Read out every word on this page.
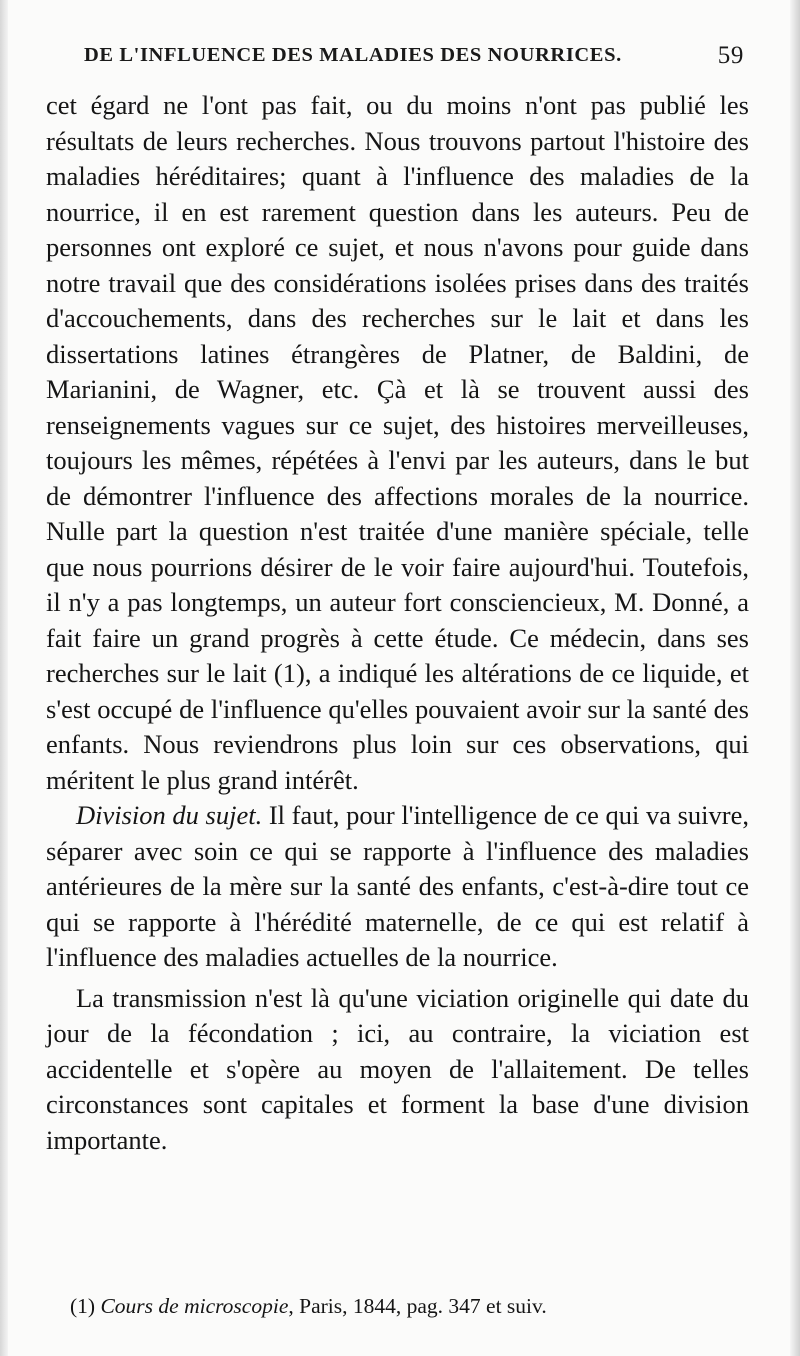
DE L'INFLUENCE DES MALADIES DES NOURRICES.	59

cet égard ne l'ont pas fait, ou du moins n'ont pas publié les résultats de leurs recherches. Nous trouvons partout l'histoire des maladies héréditaires; quant à l'influence des maladies de la nourrice, il en est rarement question dans les auteurs. Peu de personnes ont exploré ce sujet, et nous n'avons pour guide dans notre travail que des considérations isolées prises dans des traités d'accouchements, dans des recherches sur le lait et dans les dissertations latines étrangères de Platner, de Baldini, de Marianini, de Wagner, etc. Çà et là se trouvent aussi des renseignements vagues sur ce sujet, des histoires merveilleuses, toujours les mêmes, répétées à l'envi par les auteurs, dans le but de démontrer l'influence des affections morales de la nourrice. Nulle part la question n'est traitée d'une manière spéciale, telle que nous pourrions désirer de le voir faire aujourd'hui. Toutefois, il n'y a pas longtemps, un auteur fort consciencieux, M. Donné, a fait faire un grand progrès à cette étude. Ce médecin, dans ses recherches sur le lait (1), a indiqué les altérations de ce liquide, et s'est occupé de l'influence qu'elles pouvaient avoir sur la santé des enfants. Nous reviendrons plus loin sur ces observations, qui méritent le plus grand intérêt.

Division du sujet. Il faut, pour l'intelligence de ce qui va suivre, séparer avec soin ce qui se rapporte à l'influence des maladies antérieures de la mère sur la santé des enfants, c'est-à-dire tout ce qui se rapporte à l'hérédité maternelle, de ce qui est relatif à l'influence des maladies actuelles de la nourrice.

La transmission n'est là qu'une viciation originelle qui date du jour de la fécondation ; ici, au contraire, la viciation est accidentelle et s'opère au moyen de l'allaitement. De telles circonstances sont capitales et forment la base d'une division importante.

(1) Cours de microscopie, Paris, 1844, pag. 347 et suiv.
